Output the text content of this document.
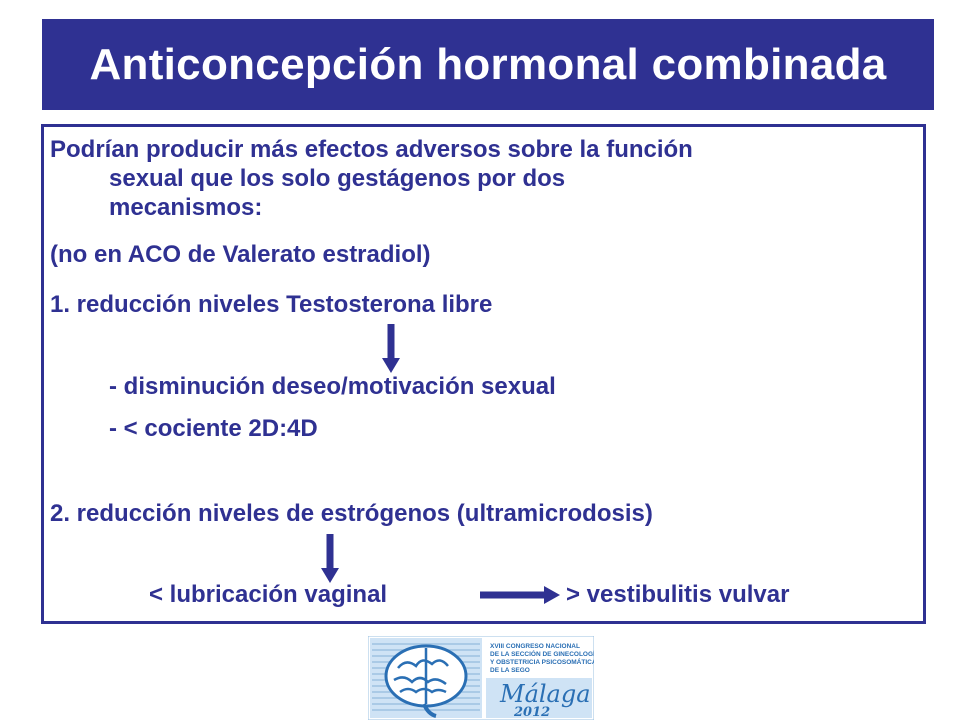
Anticoncepción hormonal combinada
Podrían producir más efectos adversos sobre la función
sexual que los solo gestágenos por dos
mecanismos:
(no en ACO de Valerato estradiol)
1. reducción niveles Testosterona libre
- disminución deseo/motivación sexual
- < cociente 2D:4D
2. reducción niveles de estrógenos (ultramicrodosis)
< lubricación vaginal	> vestibulitis vulvar
XVIII CONGRESO NACIONAL
DE LA SECCIÓN DE GINECOLOGÍA
Y OBSTETRICIA PSICOSOMÁTICA
DE LA SEGO
Málaga
2012
